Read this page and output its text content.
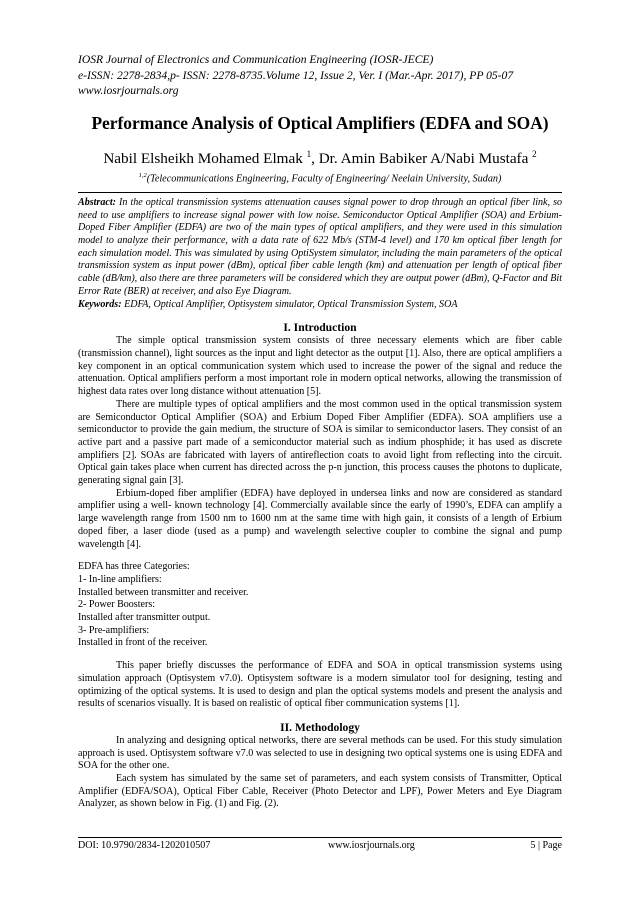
IOSR Journal of Electronics and Communication Engineering (IOSR-JECE)
e-ISSN: 2278-2834,p- ISSN: 2278-8735.Volume 12, Issue 2, Ver. I (Mar.-Apr. 2017), PP 05-07
www.iosrjournals.org
Performance Analysis of Optical Amplifiers (EDFA and SOA)
Nabil Elsheikh Mohamed Elmak $^1$, Dr. Amin Babiker A/Nabi Mustafa $^2$
$^{1,2}$(Telecommunications Engineering, Faculty of Engineering/ Neelain University, Sudan)
Abstract: In the optical transmission systems attenuation causes signal power to drop through an optical fiber link, so need to use amplifiers to increase signal power with low noise. Semiconductor Optical Amplifier (SOA) and Erbium-Doped Fiber Amplifier (EDFA) are two of the main types of optical amplifiers, and they were used in this simulation model to analyze their performance, with a data rate of 622 Mb/s (STM-4 level) and 170 km optical fiber length for each simulation model. This was simulated by using OptiSystem simulator, including the main parameters of the optical transmission system as input power (dBm), optical fiber cable length (km) and attenuation per length of optical fiber cable (dB/km), also there are three parameters will be considered which they are output power (dBm), Q-Factor and Bit Error Rate (BER) at receiver, and also Eye Diagram.
Keywords: EDFA, Optical Amplifier, Optisystem simulator, Optical Transmission System, SOA
I. Introduction
The simple optical transmission system consists of three necessary elements which are fiber cable (transmission channel), light sources as the input and light detector as the output [1]. Also, there are optical amplifiers a key component in an optical communication system which used to increase the power of the signal and reduce the attenuation. Optical amplifiers perform a most important role in modern optical networks, allowing the transmission of highest data rates over long distance without attenuation [5].
There are multiple types of optical amplifiers and the most common used in the optical transmission system are Semiconductor Optical Amplifier (SOA) and Erbium Doped Fiber Amplifier (EDFA). SOA amplifiers use a semiconductor to provide the gain medium, the structure of SOA is similar to semiconductor lasers. They consist of an active part and a passive part made of a semiconductor material such as indium phosphide; it has used as discrete amplifiers [2]. SOAs are fabricated with layers of antireflection coats to avoid light from reflecting into the circuit. Optical gain takes place when current has directed across the p-n junction, this process causes the photons to duplicate, generating signal gain [3].
Erbium-doped fiber amplifier (EDFA) have deployed in undersea links and now are considered as standard amplifier using a well- known technology [4]. Commercially available since the early of 1990’s, EDFA can amplify a large wavelength range from 1500 nm to 1600 nm at the same time with high gain, it consists of a length of Erbium doped fiber, a laser diode (used as a pump) and wavelength selective coupler to combine the signal and pump wavelength [4].
EDFA has three Categories:
1- In-line amplifiers:
Installed between transmitter and receiver.
2- Power Boosters:
Installed after transmitter output.
3- Pre-amplifiers:
Installed in front of the receiver.
This paper briefly discusses the performance of EDFA and SOA in optical transmission systems using simulation approach (Optisystem v7.0). Optisystem software is a modern simulator tool for designing, testing and optimizing of the optical systems. It is used to design and plan the optical systems models and present the analysis and results of scenarios visually. It is based on realistic of optical fiber communication systems [1].
II. Methodology
In analyzing and designing optical networks, there are several methods can be used. For this study simulation approach is used. Optisystem software v7.0 was selected to use in designing two optical systems one is using EDFA and SOA for the other one.
Each system has simulated by the same set of parameters, and each system consists of Transmitter, Optical Amplifier (EDFA/SOA), Optical Fiber Cable, Receiver (Photo Detector and LPF), Power Meters and Eye Diagram Analyzer, as shown below in Fig. (1) and Fig. (2).
DOI: 10.9790/2834-1202010507	www.iosrjournals.org	5 | Page
